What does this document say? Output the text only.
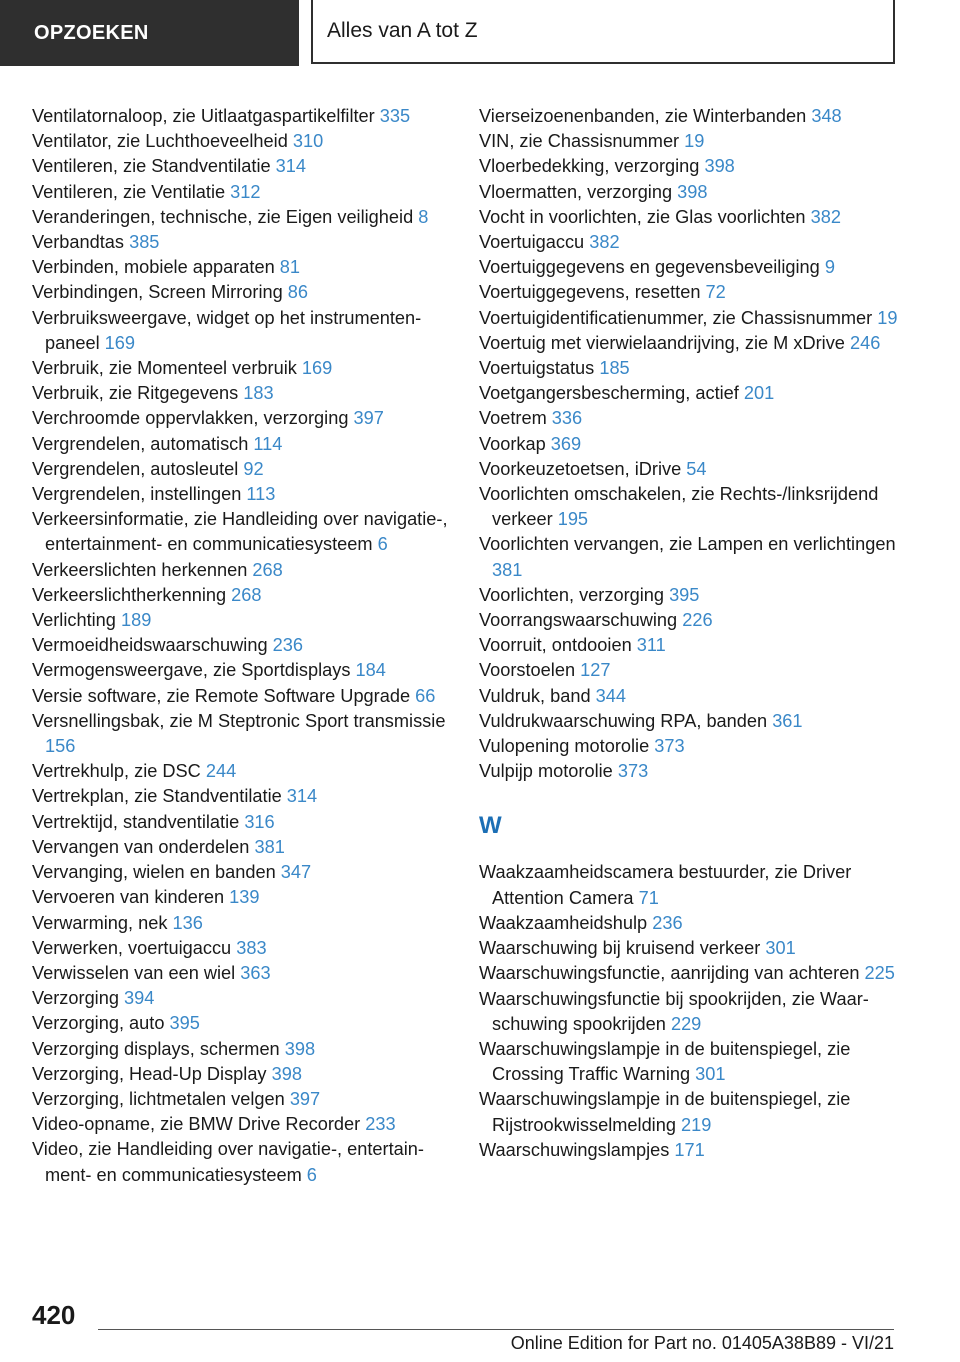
OPZOEKEN	Alles van A tot Z
Ventilatornaloop, zie Uitlaatgaspartikelfilter 335
Ventilator, zie Luchthoeveelheid 310
Ventileren, zie Standventilatie 314
Ventileren, zie Ventilatie 312
Veranderingen, technische, zie Eigen veiligheid 8
Verbandtas 385
Verbinden, mobiele apparaten 81
Verbindingen, Screen Mirroring 86
Verbruiksweergave, widget op het instrumentenpaneel 169
Verbruik, zie Momenteel verbruik 169
Verbruik, zie Ritgegevens 183
Verchroomde oppervlakken, verzorging 397
Vergrendelen, automatisch 114
Vergrendelen, autosleutel 92
Vergrendelen, instellingen 113
Verkeersinformatie, zie Handleiding over navigatie-, entertainment- en communicatiesysteem 6
Verkeerslichten herkennen 268
Verkeerslichtherkenning 268
Verlichting 189
Vermoeidheidswaarschuwing 236
Vermogensweergave, zie Sportdisplays 184
Versie software, zie Remote Software Upgrade 66
Versnellingsbak, zie M Steptronic Sport transmissie 156
Vertrekhulp, zie DSC 244
Vertrekplan, zie Standventilatie 314
Vertrektijd, standventilatie 316
Vervangen van onderdelen 381
Vervanging, wielen en banden 347
Vervoeren van kinderen 139
Verwarming, nek 136
Verwerken, voertuigaccu 383
Verwisselen van een wiel 363
Verzorging 394
Verzorging, auto 395
Verzorging displays, schermen 398
Verzorging, Head-Up Display 398
Verzorging, lichtmetalen velgen 397
Video-opname, zie BMW Drive Recorder 233
Video, zie Handleiding over navigatie-, entertainment- en communicatiesysteem 6
Vierseizoenenbanden, zie Winterbanden 348
VIN, zie Chassisnummer 19
Vloerbedekking, verzorging 398
Vloermatten, verzorging 398
Vocht in voorlichten, zie Glas voorlichten 382
Voertuigaccu 382
Voertuiggegevens en gegevensbeveiliging 9
Voertuiggegevens, resetten 72
Voertuigidentificatienummer, zie Chassisnummer 19
Voertuig met vierwielaandrijving, zie M xDrive 246
Voertuigstatus 185
Voetgangersbescherming, actief 201
Voetrem 336
Voorkap 369
Voorkeuzetoetsen, iDrive 54
Voorlichten omschakelen, zie Rechts-/linksrijdend verkeer 195
Voorlichten vervangen, zie Lampen en verlichtingen 381
Voorlichten, verzorging 395
Voorrangswaarschuwing 226
Voorruit, ontdooien 311
Voorstoelen 127
Vuldruk, band 344
Vuldrukwaarschuwing RPA, banden 361
Vulopening motorolie 373
Vulpijp motorolie 373
W
Waakzaamheidscamera bestuurder, zie Driver Attention Camera 71
Waakzaamheidshulp 236
Waarschuwing bij kruisend verkeer 301
Waarschuwingsfunctie, aanrijding van achteren 225
Waarschuwingsfunctie bij spookrijden, zie Waarschuwing spookrijden 229
Waarschuwingslampje in de buitenspiegel, zie Crossing Traffic Warning 301
Waarschuwingslampje in de buitenspiegel, zie Rijstrookwisselmelding 219
Waarschuwingslampjes 171
420
Online Edition for Part no. 01405A38B89 - VI/21
